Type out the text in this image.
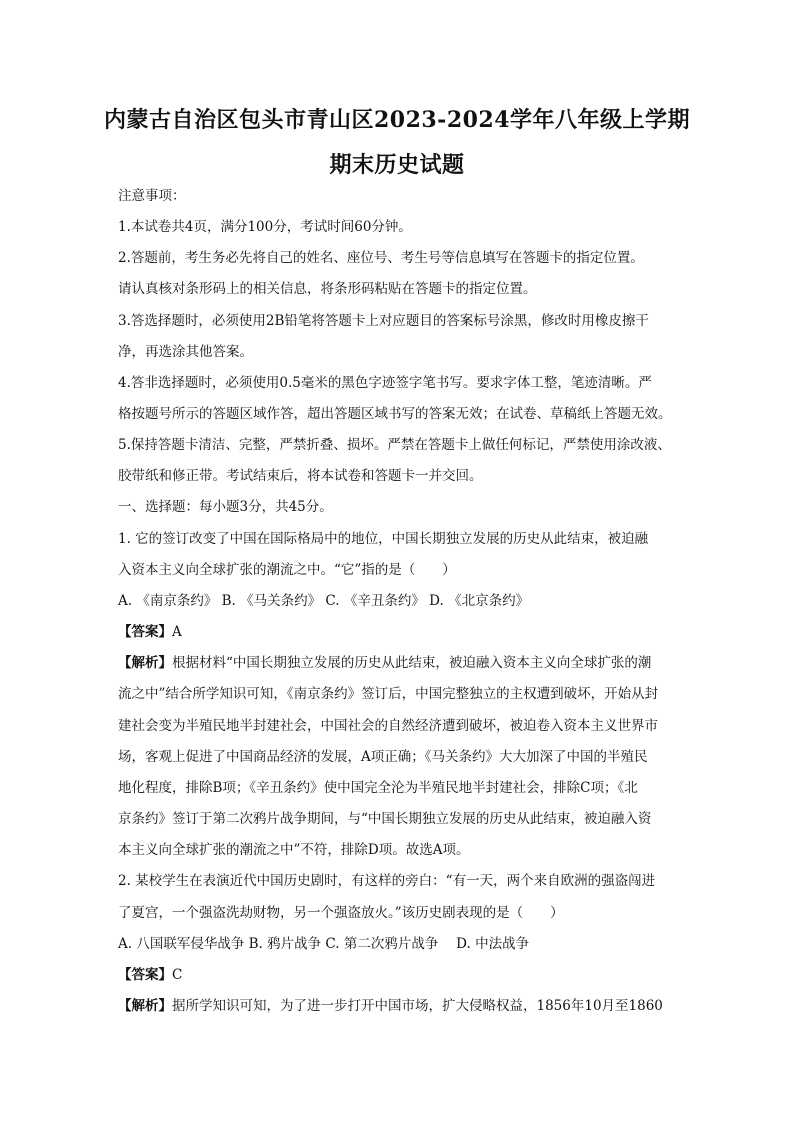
内蒙古自治区包头市青山区2023-2024学年八年级上学期
期末历史试题
注意事项：
1.本试卷共4页，满分100分，考试时间60分钟。
2.答题前，考生务必先将自己的姓名、座位号、考生号等信息填写在答题卡的指定位置。
请认真核对条形码上的相关信息，将条形码粘贴在答题卡的指定位置。
3.答选择题时，必须使用2B铅笔将答题卡上对应题目的答案标号涂黑，修改时用橡皮擦干
净，再选涂其他答案。
4.答非选择题时，必须使用0.5毫米的黑色字迹签字笔书写。要求字体工整，笔迹清晰。严
格按题号所示的答题区域作答，超出答题区域书写的答案无效；在试卷、草稿纸上答题无效。
5.保持答题卡清洁、完整，严禁折叠、损坏。严禁在答题卡上做任何标记，严禁使用涂改液、
胶带纸和修正带。考试结束后，将本试卷和答题卡一并交回。
一、选择题：每小题3分，共45分。
1. 它的签订改变了中国在国际格局中的地位，中国长期独立发展的历史从此结束，被迫融
入资本主义向全球扩张的潮流之中。“它”指的是（　　）
A. 《南京条约》 B. 《马关条约》 C. 《辛丑条约》 D. 《北京条约》
【答案】A
【解析】根据材料“中国长期独立发展的历史从此结束，被迫融入资本主义向全球扩张的潮
流之中”结合所学知识可知，《南京条约》签订后，中国完整独立的主权遭到破坏，开始从封
建社会变为半殖民地半封建社会，中国社会的自然经济遭到破坏，被迫卷入资本主义世界市
场，客观上促进了中国商品经济的发展，A项正确；《马关条约》大大加深了中国的半殖民
地化程度，排除B项；《辛丑条约》使中国完全沦为半殖民地半封建社会，排除C项；《北
京条约》签订于第二次鸦片战争期间，与“中国长期独立发展的历史从此结束，被迫融入资
本主义向全球扩张的潮流之中”不符，排除D项。故选A项。
2. 某校学生在表演近代中国历史剧时，有这样的旁白：“有一天，两个来自欧洲的强盗闯进
了夏宫，一个强盗洗劫财物，另一个强盗放火。”该历史剧表现的是（　　）
A. 八国联军侵华战争 B. 鸦片战争 C. 第二次鸦片战争　 D. 中法战争
【答案】C
【解析】据所学知识可知，为了进一步打开中国市场，扩大侵略权益，1856年10月至1860
